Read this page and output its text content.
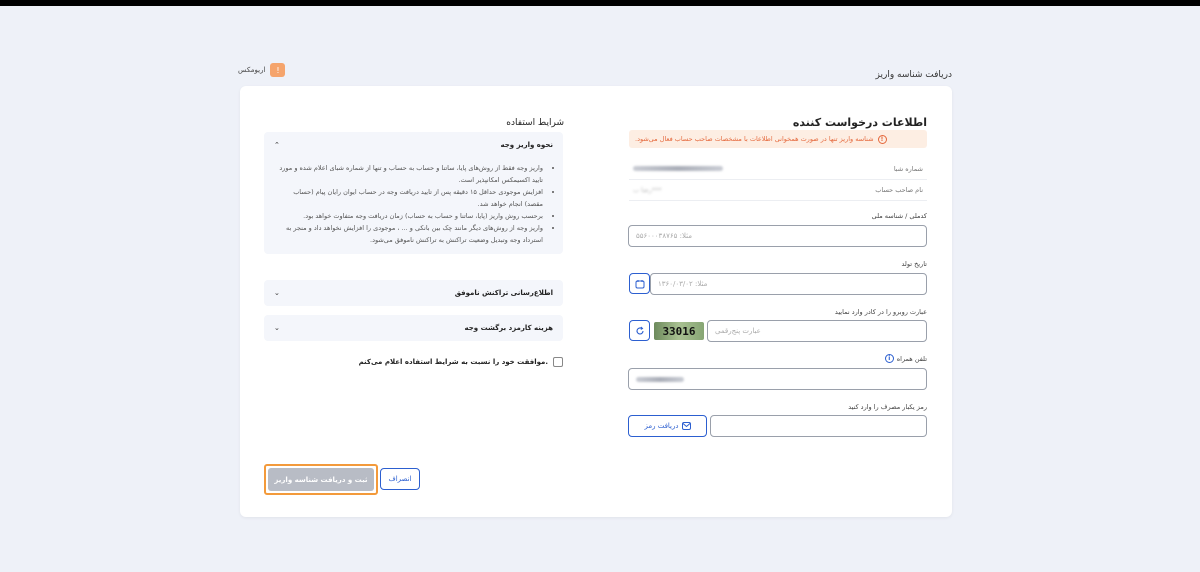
دریافت شناسه واریز
اریومکس	!
اطلاعات درخواست کننده
!
شناسه واریز تنها در صورت همخوانی اطلاعات با مشخصات صاحب حساب فعال می‌شود.
شماره شبا
رضا ب***	نام صاحب حساب
کدملی / شناسه ملی
مثلا: ۵۵۶۰۰۰۳۸۷۶۵
تاریخ تولد
مثلا: ۱۳۶۰/۰۳/۰۲
عبارت روبرو را در کادر وارد نمایید
33016	عبارت پنج‌رقمی
i تلفن همراه
رمز یکبار مصرف را وارد کنید
دریافت رمز
شرایط استفاده
⌃	نحوه واریز وجه
• واریز وجه فقط از روش‌های پایا، ساتنا و حساب به حساب و تنها از شماره شبای اعلام شده و مورد تایید اکسیمکس امکانپذیر است.
• افزایش موجودی حداقل ۱۵ دقیقه پس از تایید دریافت وجه در حساب ایوان رایان پیام (حساب مقصد) انجام خواهد شد.
• برحسب روش واریز (پایا، ساتنا و حساب به حساب) زمان دریافت وجه متفاوت خواهد بود.
• واریز وجه از روش‌های دیگر مانند چک بین بانکی و ... ، موجودی را افزایش نخواهد داد و منجر به استرداد وجه وتبدیل وضعیت تراکنش به تراکنش ناموفق می‌شود.
⌄	اطلاع‌رسانی تراکنش ناموفق
⌄	هزینه کارمزد برگشت وجه
موافقت خود را نسبت به شرایط استفاده اعلام می‌کنم.
ثبت و دریافت شناسه واریز	انصراف
